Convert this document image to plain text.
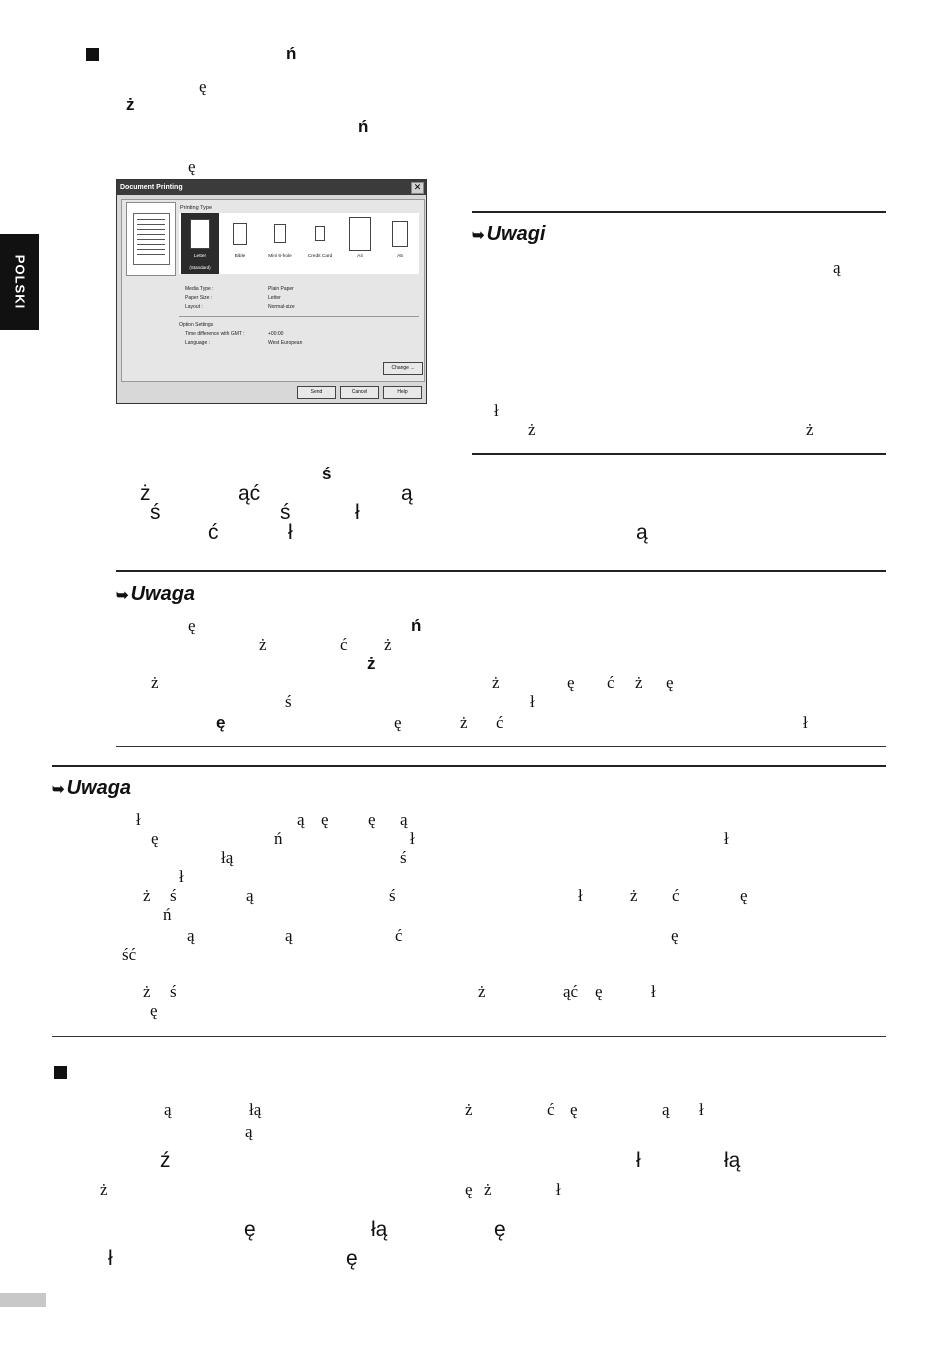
POLSKI
ń
ę
ż
ń
ę
Document Printing	✕
Printing Type
Letter
(Standard)
Bible	Mini 6-hole	Credit Card	A4	A5
Media Type :	Plain Paper
Paper Size :	Letter
Layout :	Normal-size
Option Settings
Time difference with GMT :	+00:00
Language :	West European
Change ...
Send	Cancel	Help
➥ Uwagi
ą
ł
ż	ż
ś
ż	ąć	ą
ś	ś	ł
ć	ł	ą
➥ Uwaga
ę	ń
ż	ć ż
ż
ż	ż	ę ć ż ę
ś	ł
ę	ę	ż ć	ł
➥ Uwaga
ł	ą ę ę ą
ę	ń	ł	ł
łą	ś
ł
ż ś	ą	ś	ł	ż ć	ę
ń
ą	ą	ć	ę
ść
ż ś	ż	ąć ę	ł
ę
ą	łą	ż	ć ę	ą ł
ą
ź	ł	łą
ż	ę ż	ł
ę	łą	ę
ł	ę
